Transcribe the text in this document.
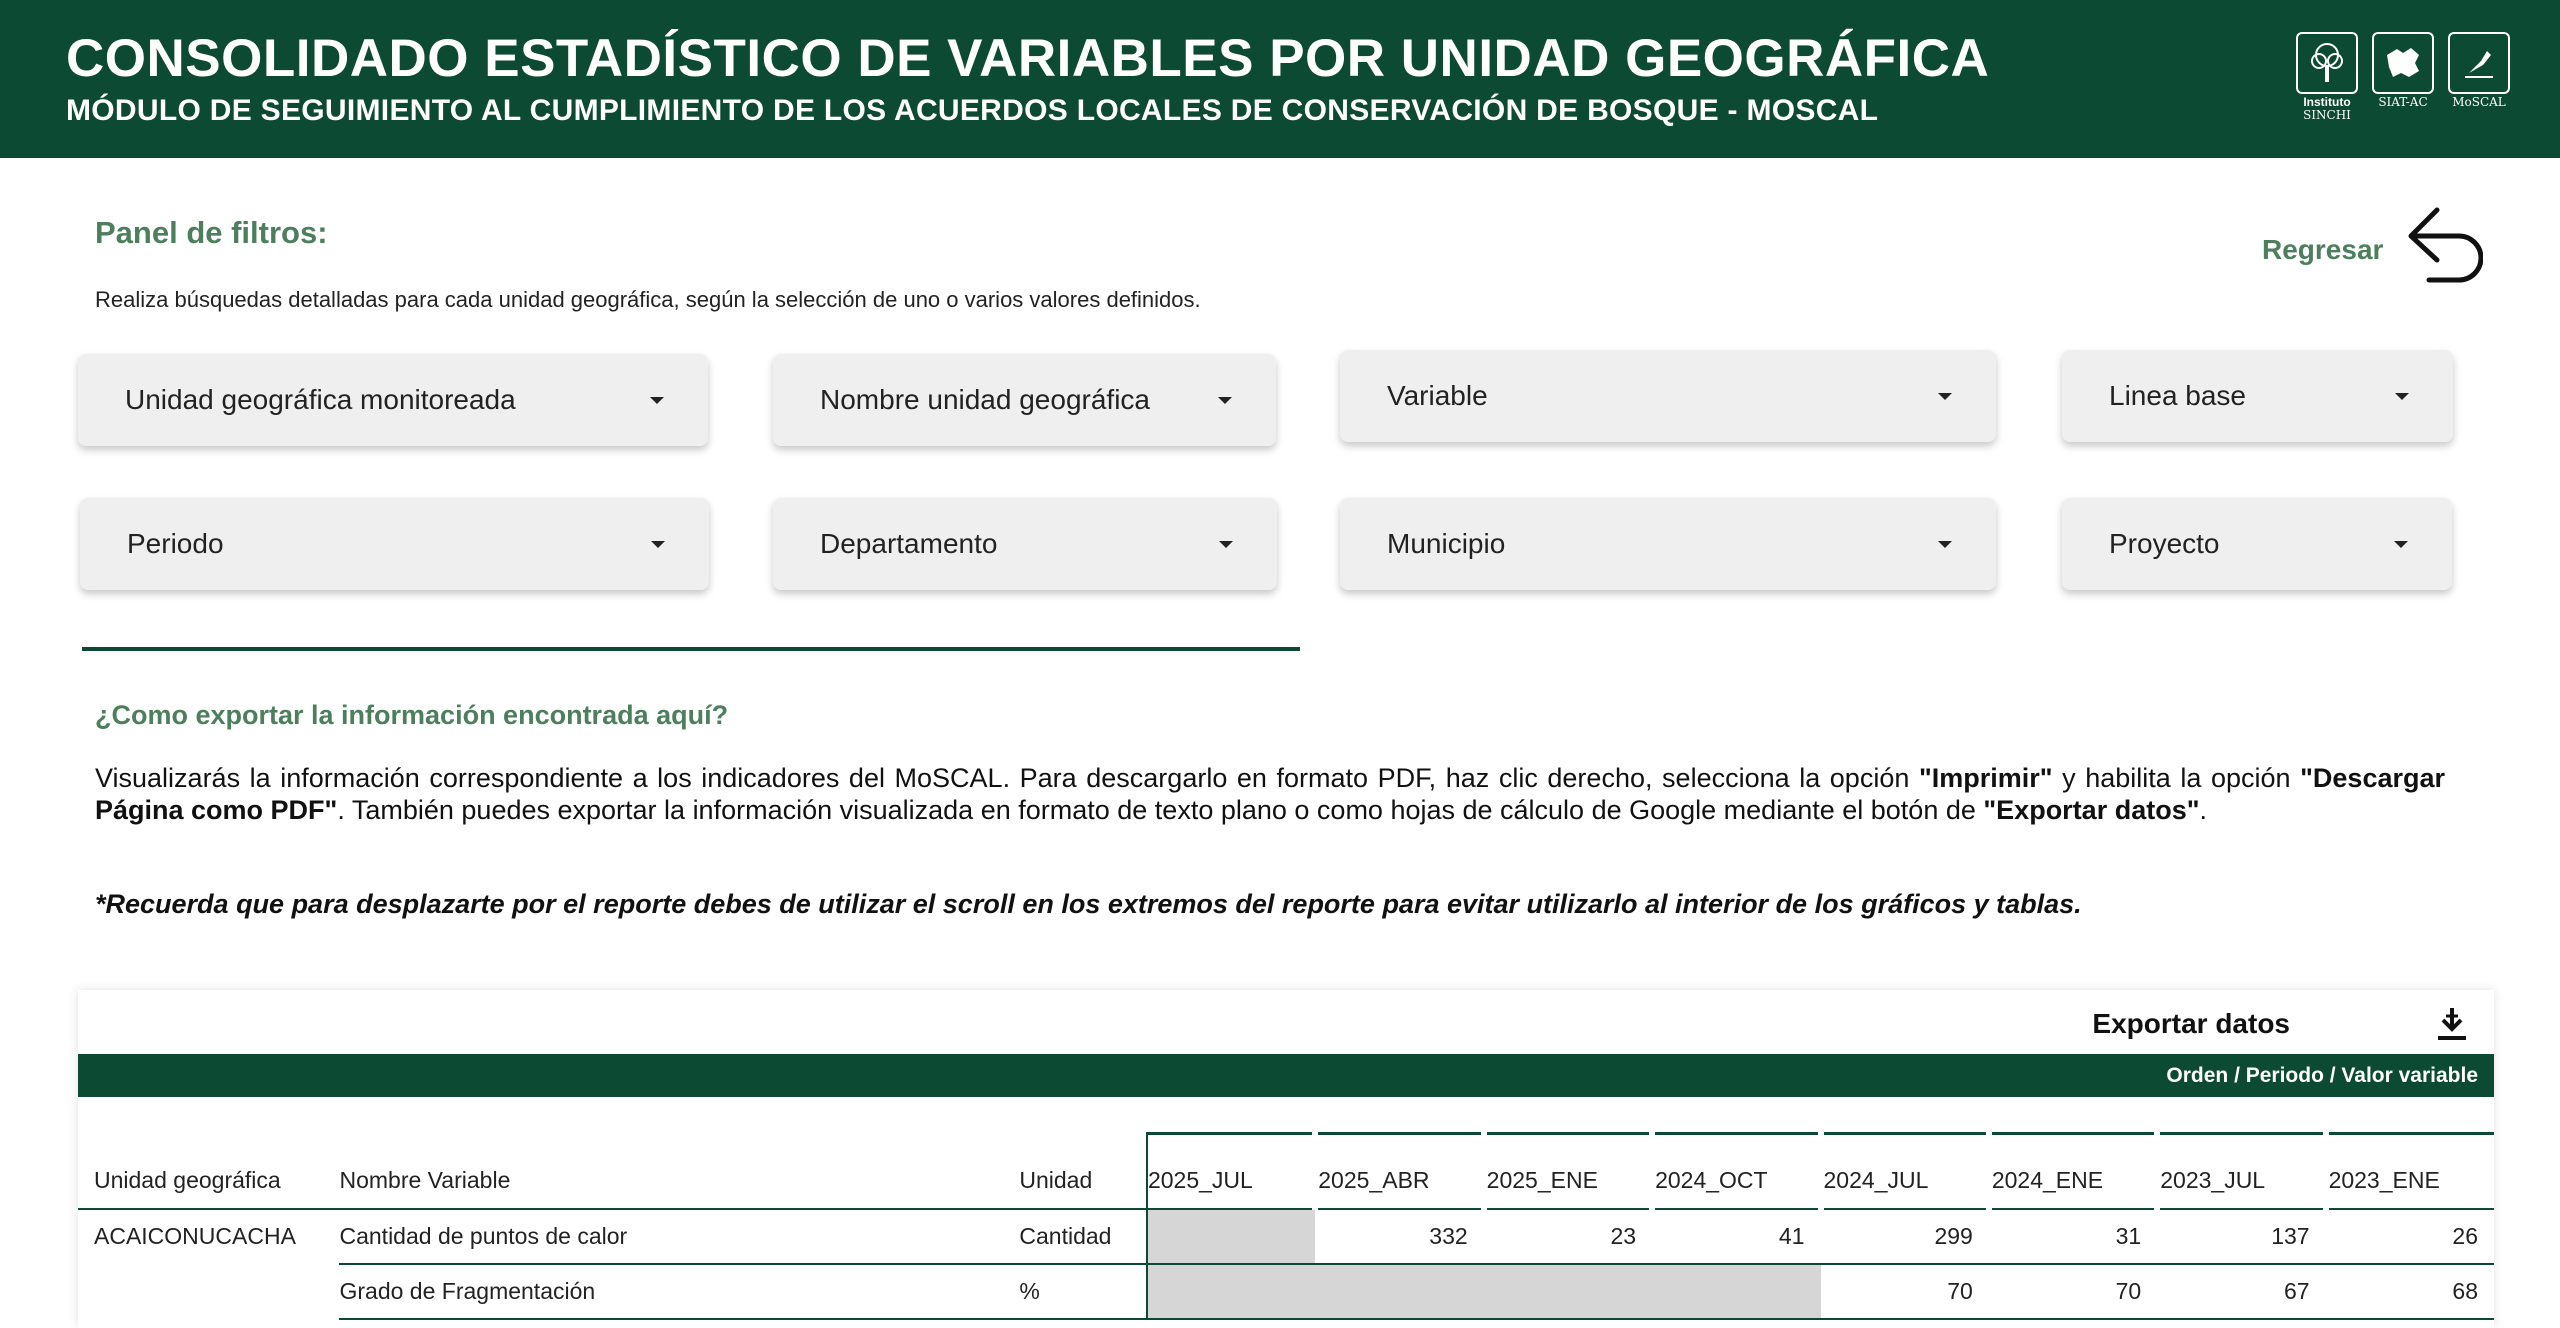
CONSOLIDADO ESTADÍSTICO DE VARIABLES POR UNIDAD GEOGRÁFICA
MÓDULO DE SEGUIMIENTO AL CUMPLIMIENTO DE LOS ACUERDOS LOCALES DE CONSERVACIÓN DE BOSQUE - MOSCAL	Instituto
SINCHI
SIAT-AC MoSCAL
Panel de filtros:
Realiza búsquedas detalladas para cada unidad geográfica, según la selección de uno o varios valores definidos.
Regresar
Unidad geográfica monitoreada	Nombre unidad geográfica	Variable	Linea base
Periodo	Departamento	Municipio	Proyecto
¿Como exportar la información encontrada aquí?
Visualizarás la información correspondiente a los indicadores del MoSCAL. Para descargarlo en formato PDF, haz clic derecho, selecciona la opción "Imprimir" y habilita la opción "Descargar Página como PDF". También puedes exportar la información visualizada en formato de texto plano o como hojas de cálculo de Google mediante el botón de "Exportar datos".
*Recuerda que para desplazarte por el reporte debes de utilizar el scroll en los extremos del reporte para evitar utilizarlo al interior de los gráficos y tablas.
Exportar datos
Orden / Periodo / Valor variable
Unidad geográfica	Nombre Variable	Unidad	2025_JUL	2025_ABR	2025_ENE	2024_OCT	2024_JUL	2024_ENE	2023_JUL	2023_ENE
ACAICONUCACHA	Cantidad de puntos de calor	Cantidad		332	23	41	299	31	137	26
	Grado de Fragmentación	%					70	70	67	68
